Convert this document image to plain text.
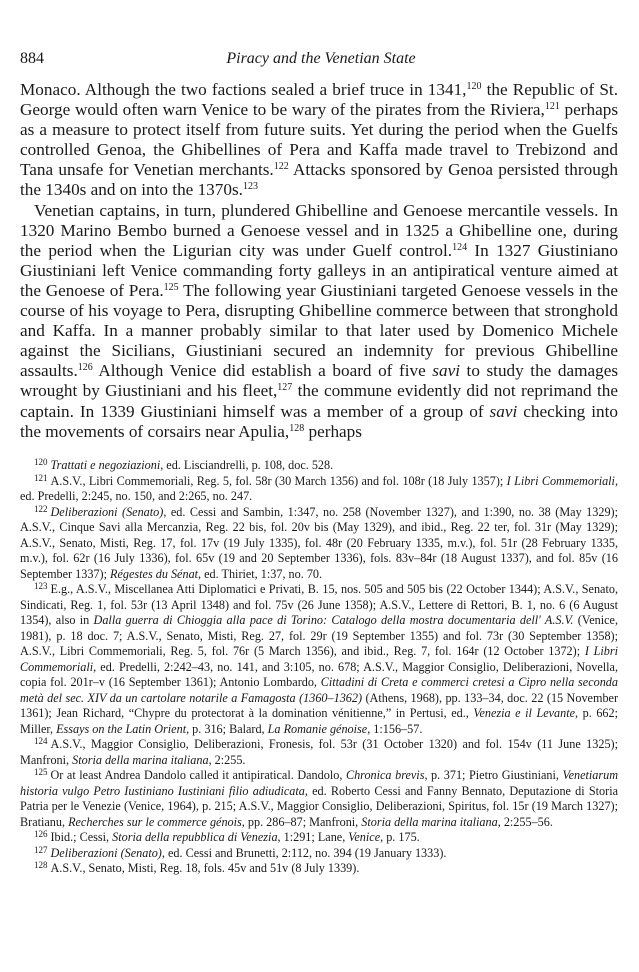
884	Piracy and the Venetian State

Monaco. Although the two factions sealed a brief truce in 1341,$^{120}$ the Republic of St. George would often warn Venice to be wary of the pirates from the Riviera,$^{121}$ perhaps as a measure to protect itself from future suits. Yet during the period when the Guelfs controlled Genoa, the Ghibellines of Pera and Kaffa made travel to Trebizond and Tana unsafe for Venetian merchants.$^{122}$ Attacks sponsored by Genoa persisted through the 1340s and on into the 1370s.$^{123}$

Venetian captains, in turn, plundered Ghibelline and Genoese mercantile vessels. In 1320 Marino Bembo burned a Genoese vessel and in 1325 a Ghibelline one, during the period when the Ligurian city was under Guelf control.$^{124}$ In 1327 Giustiniano Giustiniani left Venice commanding forty galleys in an antipiratical venture aimed at the Genoese of Pera.$^{125}$ The following year Giustiniani targeted Genoese vessels in the course of his voyage to Pera, disrupting Ghibelline commerce between that stronghold and Kaffa. In a manner probably similar to that later used by Domenico Michele against the Sicilians, Giustiniani secured an indemnity for previous Ghibelline assaults.$^{126}$ Although Venice did establish a board of five savi to study the damages wrought by Giustiniani and his fleet,$^{127}$ the commune evidently did not reprimand the captain. In 1339 Giustiniani himself was a member of a group of savi checking into the movements of corsairs near Apulia,$^{128}$ perhaps

$^{120}$ Trattati e negoziazioni, ed. Lisciandrelli, p. 108, doc. 528.

$^{121}$ A.S.V., Libri Commemoriali, Reg. 5, fol. 58r (30 March 1356) and fol. 108r (18 July 1357); I Libri Commemoriali, ed. Predelli, 2:245, no. 150, and 2:265, no. 247.

$^{122}$ Deliberazioni (Senato), ed. Cessi and Sambin, 1:347, no. 258 (November 1327), and 1:390, no. 38 (May 1329); A.S.V., Cinque Savi alla Mercanzia, Reg. 22 bis, fol. 20v bis (May 1329), and ibid., Reg. 22 ter, fol. 31r (May 1329); A.S.V., Senato, Misti, Reg. 17, fol. 17v (19 July 1335), fol. 48r (20 February 1335, m.v.), fol. 51r (28 February 1335, m.v.), fol. 62r (16 July 1336), fol. 65v (19 and 20 September 1336), fols. 83v–84r (18 August 1337), and fol. 85v (16 September 1337); Régestes du Sénat, ed. Thiriet, 1:37, no. 70.

$^{123}$ E.g., A.S.V., Miscellanea Atti Diplomatici e Privati, B. 15, nos. 505 and 505 bis (22 October 1344); A.S.V., Senato, Sindicati, Reg. 1, fol. 53r (13 April 1348) and fol. 75v (26 June 1358); A.S.V., Lettere di Rettori, B. 1, no. 6 (6 August 1354), also in Dalla guerra di Chioggia alla pace di Torino: Catalogo della mostra documentaria dell' A.S.V. (Venice, 1981), p. 18 doc. 7; A.S.V., Senato, Misti, Reg. 27, fol. 29r (19 September 1355) and fol. 73r (30 September 1358); A.S.V., Libri Commemoriali, Reg. 5, fol. 76r (5 March 1356), and ibid., Reg. 7, fol. 164r (12 October 1372); I Libri Commemoriali, ed. Predelli, 2:242–43, no. 141, and 3:105, no. 678; A.S.V., Maggior Consiglio, Deliberazioni, Novella, copia fol. 201r–v (16 September 1361); Antonio Lombardo, Cittadini di Creta e commerci cretesi a Cipro nella seconda metà del sec. XIV da un cartolare notarile a Famagosta (1360–1362) (Athens, 1968), pp. 133–34, doc. 22 (15 November 1361); Jean Richard, “Chypre du protectorat à la domination vénitienne,” in Pertusi, ed., Venezia e il Levante, p. 662; Miller, Essays on the Latin Orient, p. 316; Balard, La Romanie génoise, 1:156–57.

$^{124}$ A.S.V., Maggior Consiglio, Deliberazioni, Fronesis, fol. 53r (31 October 1320) and fol. 154v (11 June 1325); Manfroni, Storia della marina italiana, 2:255.

$^{125}$ Or at least Andrea Dandolo called it antipiratical. Dandolo, Chronica brevis, p. 371; Pietro Giustiniani, Venetiarum historia vulgo Petro Iustiniano Iustiniani filio adiudicata, ed. Roberto Cessi and Fanny Bennato, Deputazione di Storia Patria per le Venezie (Venice, 1964), p. 215; A.S.V., Maggior Consiglio, Deliberazioni, Spiritus, fol. 15r (19 March 1327); Bratianu, Recherches sur le commerce génois, pp. 286–87; Manfroni, Storia della marina italiana, 2:255–56.

$^{126}$ Ibid.; Cessi, Storia della repubblica di Venezia, 1:291; Lane, Venice, p. 175.

$^{127}$ Deliberazioni (Senato), ed. Cessi and Brunetti, 2:112, no. 394 (19 January 1333).

$^{128}$ A.S.V., Senato, Misti, Reg. 18, fols. 45v and 51v (8 July 1339).
